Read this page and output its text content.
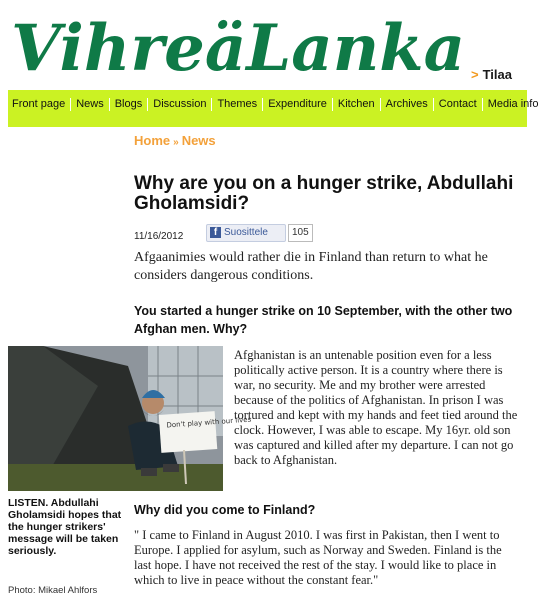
VihreäLanka > Tilaa
Front page	News	Blogs	Discussion	Themes	Expenditure	Kitchen	Archives	Contact	Media info
Home » News
Why are you on a hunger strike, Abdullahi Gholamsidi?
11/16/2012	f Suosittele	105

Afgaanimies would rather die in Finland than return to what he considers dangerous conditions.

You started a hunger strike on 10 September, with the other two Afghan men. Why?

Don't play with our lives
LISTEN. Abdullahi Gholamsidi hopes that the hunger strikers' message will be taken seriously.
Photo: Mikael Ahlfors

Afghanistan is an untenable position even for a less politically active person. It is a country where there is war, no security. Me and my brother were arrested because of the politics of Afghanistan. In prison I was tortured and kept with my hands and feet tied around the clock. However, I was able to escape. My 16yr. old son was captured and killed after my departure. I can not go back to Afghanistan.

Why did you come to Finland?

" I came to Finland in August 2010. I was first in Pakistan, then I went to Europe. I applied for asylum, such as Norway and Sweden. Finland is the last hope. I have not received the rest of the stay. I would like to place in which to live in peace without the constant fear."
